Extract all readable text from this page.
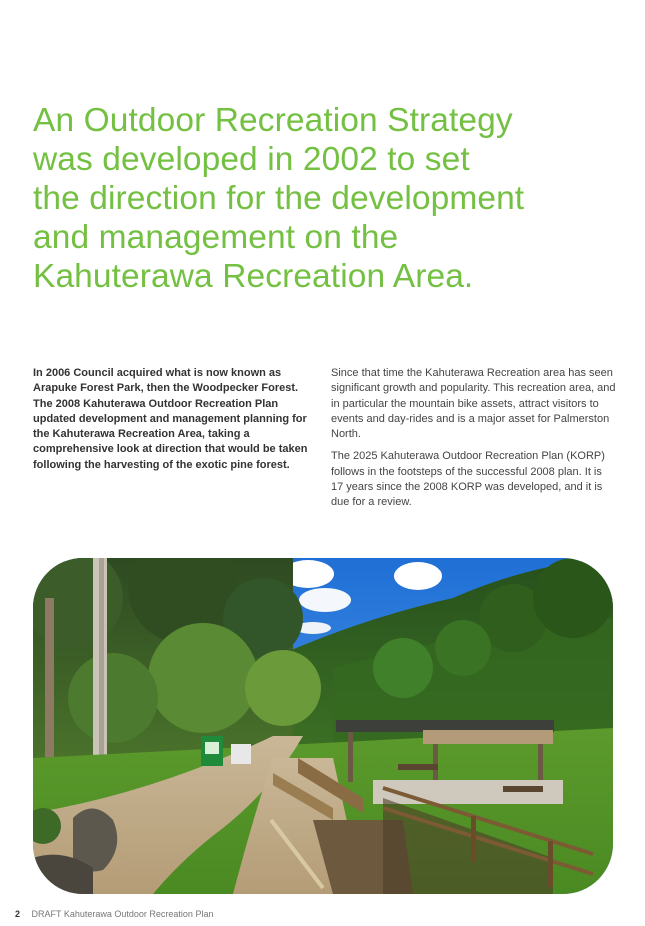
An Outdoor Recreation Strategy
was developed in 2002 to set
the direction for the development
and management on the
Kahuterawa Recreation Area.

In 2006 Council acquired what is now known as Arapuke Forest Park, then the Woodpecker Forest. The 2008 Kahuterawa Outdoor Recreation Plan updated development and management planning for the Kahuterawa Recreation Area, taking a comprehensive look at direction that would be taken following the harvesting of the exotic pine forest.

Since that time the Kahuterawa Recreation area has seen significant growth and popularity. This recreation area, and in particular the mountain bike assets, attract visitors to events and day-rides and is a major asset for Palmerston North.

The 2025 Kahuterawa Outdoor Recreation Plan (KORP) follows in the footsteps of the successful 2008 plan. It is 17 years since the 2008 KORP was developed, and it is due for a review.

2 DRAFT Kahuterawa Outdoor Recreation Plan
